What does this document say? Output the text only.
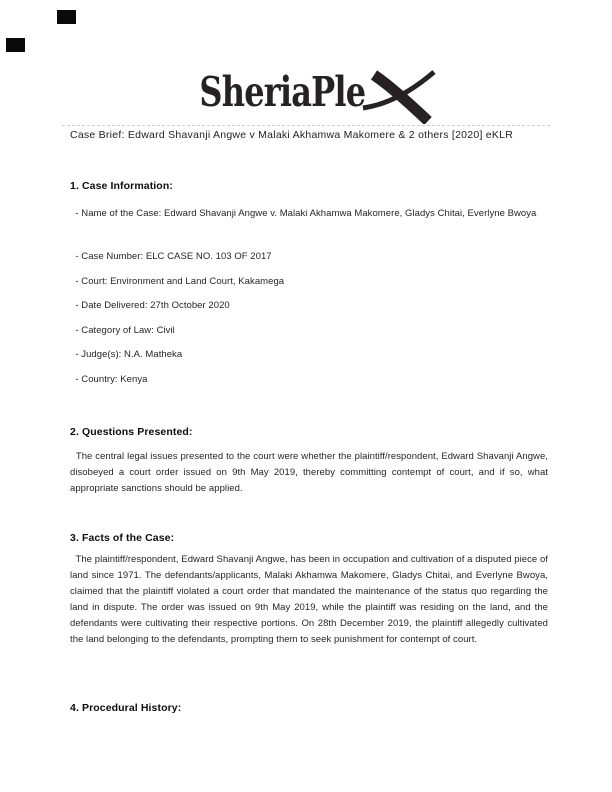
SheriaPle
Case Brief: Edward Shavanji Angwe v Malaki Akhamwa Makomere & 2 others [2020] eKLR
1. Case Information:
- Name of the Case: Edward Shavanji Angwe v. Malaki Akhamwa Makomere, Gladys Chitai, Everlyne Bwoya
- Case Number: ELC CASE NO. 103 OF 2017
- Court: Environment and Land Court, Kakamega
- Date Delivered: 27th October 2020
- Category of Law: Civil
- Judge(s): N.A. Matheka
- Country: Kenya
2. Questions Presented:
The central legal issues presented to the court were whether the plaintiff/respondent, Edward Shavanji Angwe, disobeyed a court order issued on 9th May 2019, thereby committing contempt of court, and if so, what appropriate sanctions should be applied.
3. Facts of the Case:
The plaintiff/respondent, Edward Shavanji Angwe, has been in occupation and cultivation of a disputed piece of land since 1971. The defendants/applicants, Malaki Akhamwa Makomere, Gladys Chitai, and Everlyne Bwoya, claimed that the plaintiff violated a court order that mandated the maintenance of the status quo regarding the land in dispute. The order was issued on 9th May 2019, while the plaintiff was residing on the land, and the defendants were cultivating their respective portions. On 28th December 2019, the plaintiff allegedly cultivated the land belonging to the defendants, prompting them to seek punishment for contempt of court.
4. Procedural History:
